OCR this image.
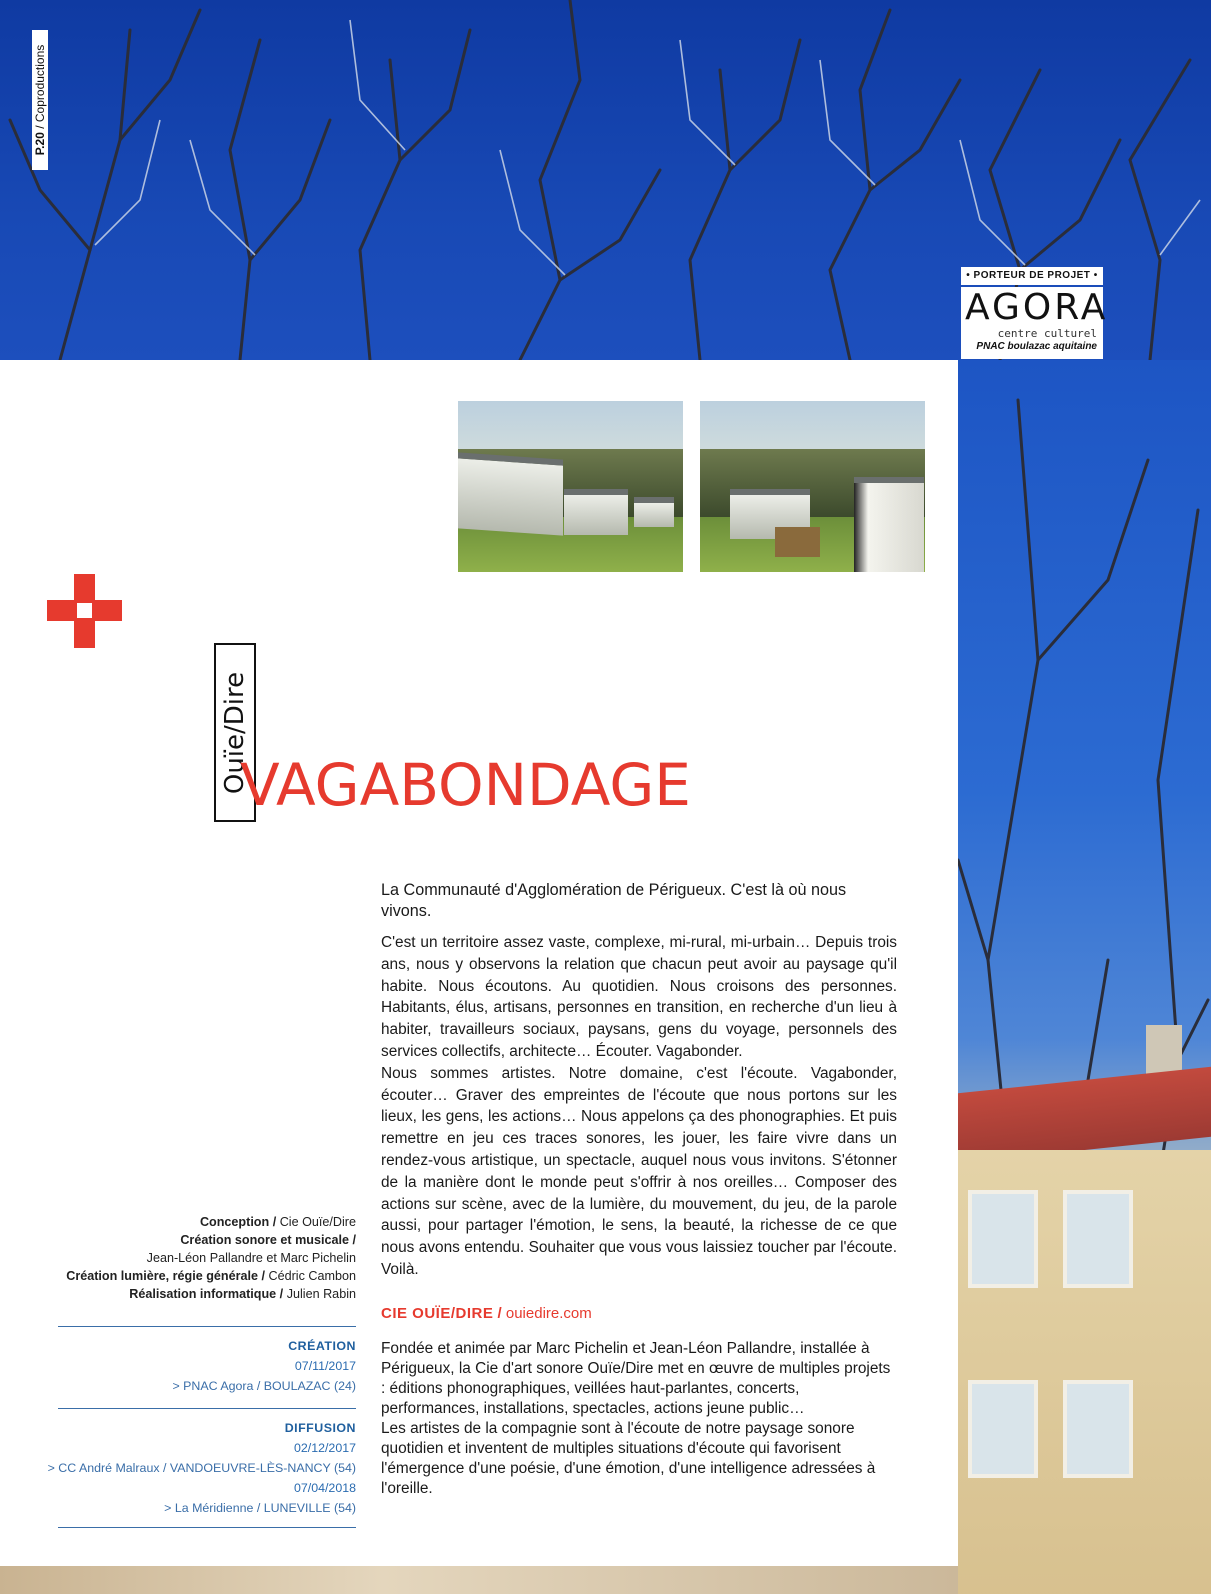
P.20 / Coproductions
• PORTEUR DE PROJET •
AGORA
centre culturel
PNAC boulazac aquitaine
Ouïe/Dire
VAGABONDAGE

La Communauté d'Agglomération de Périgueux. C'est là où nous vivons.

C'est un territoire assez vaste, complexe, mi-rural, mi-urbain… Depuis trois ans, nous y observons la relation que chacun peut avoir au paysage qu'il habite. Nous écoutons. Au quotidien. Nous croisons des personnes. Habitants, élus, artisans, personnes en transition, en recherche d'un lieu à habiter, travailleurs sociaux, paysans, gens du voyage, personnels des services collectifs, architecte… Écouter. Vagabonder.

Nous sommes artistes. Notre domaine, c'est l'écoute. Vagabonder, écouter… Graver des empreintes de l'écoute que nous portons sur les lieux, les gens, les actions… Nous appelons ça des phonographies. Et puis remettre en jeu ces traces sonores, les jouer, les faire vivre dans un rendez-vous artistique, un spectacle, auquel nous vous invitons. S'étonner de la manière dont le monde peut s'offrir à nos oreilles… Composer des actions sur scène, avec de la lumière, du mouvement, du jeu, de la parole aussi, pour partager l'émotion, le sens, la beauté, la richesse de ce que nous avons entendu. Souhaiter que vous vous laissiez toucher par l'écoute. Voilà.

CIE OUÏE/DIRE / ouiedire.com

Fondée et animée par Marc Pichelin et Jean-Léon Pallandre, installée à Périgueux, la Cie d'art sonore Ouïe/Dire met en œuvre de multiples projets : éditions phonographiques, veillées haut-parlantes, concerts, performances, installations, spectacles, actions jeune public…

Les artistes de la compagnie sont à l'écoute de notre paysage sonore quotidien et inventent de multiples situations d'écoute qui favorisent l'émergence d'une poésie, d'une émotion, d'une intelligence adressées à l'oreille.

Conception / Cie Ouïe/Dire
Création sonore et musicale /
Jean-Léon Pallandre et Marc Pichelin
Création lumière, régie générale / Cédric Cambon
Réalisation informatique / Julien Rabin
CRÉATION
07/11/2017
> PNAC Agora / BOULAZAC (24)
DIFFUSION
02/12/2017
> CC André Malraux / VANDOEUVRE-LÈS-NANCY (54)
07/04/2018
> La Méridienne / LUNEVILLE (54)
